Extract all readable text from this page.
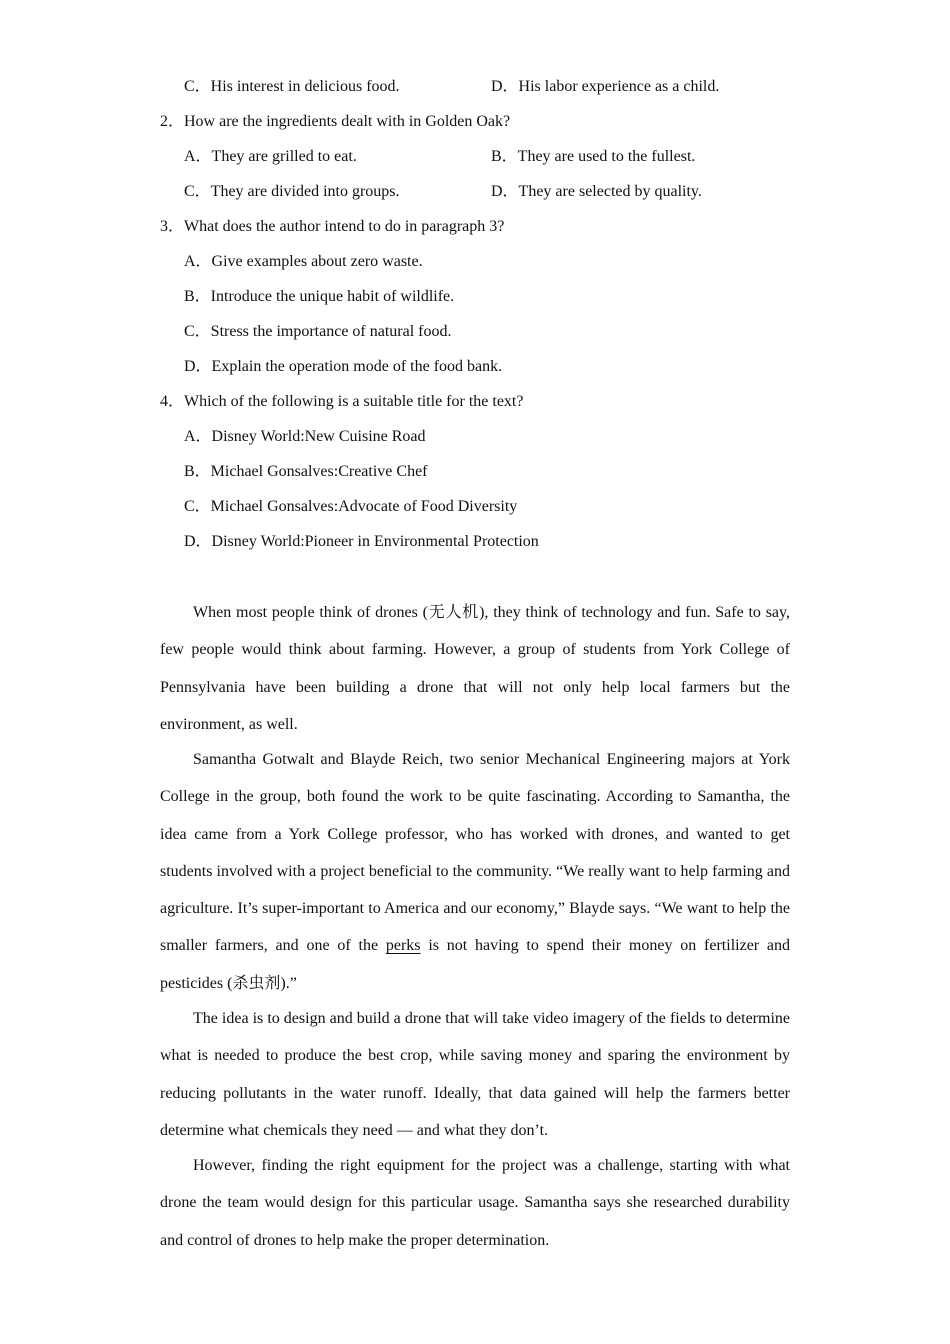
C．His interest in delicious food.	D．His labor experience as a child.
2．How are the ingredients dealt with in Golden Oak?
A．They are grilled to eat.	B．They are used to the fullest.
C．They are divided into groups.	D．They are selected by quality.
3．What does the author intend to do in paragraph 3?
A．Give examples about zero waste.
B．Introduce the unique habit of wildlife.
C．Stress the importance of natural food.
D．Explain the operation mode of the food bank.
4．Which of the following is a suitable title for the text?
A．Disney World:New Cuisine Road
B．Michael Gonsalves:Creative Chef
C．Michael Gonsalves:Advocate of Food Diversity
D．Disney World:Pioneer in Environmental Protection
When most people think of drones (无人机), they think of technology and fun. Safe to say, few people would think about farming. However, a group of students from York College of Pennsylvania have been building a drone that will not only help local farmers but the environment, as well.
Samantha Gotwalt and Blayde Reich, two senior Mechanical Engineering majors at York College in the group, both found the work to be quite fascinating. According to Samantha, the idea came from a York College professor, who has worked with drones, and wanted to get students involved with a project beneficial to the community. “We really want to help farming and agriculture. It’s super-important to America and our economy,” Blayde says. “We want to help the smaller farmers, and one of the perks is not having to spend their money on fertilizer and pesticides (杀虫剂).”
The idea is to design and build a drone that will take video imagery of the fields to determine what is needed to produce the best crop, while saving money and sparing the environment by reducing pollutants in the water runoff. Ideally, that data gained will help the farmers better determine what chemicals they need — and what they don’t.
However, finding the right equipment for the project was a challenge, starting with what drone the team would design for this particular usage. Samantha says she researched durability and control of drones to help make the proper determination.
